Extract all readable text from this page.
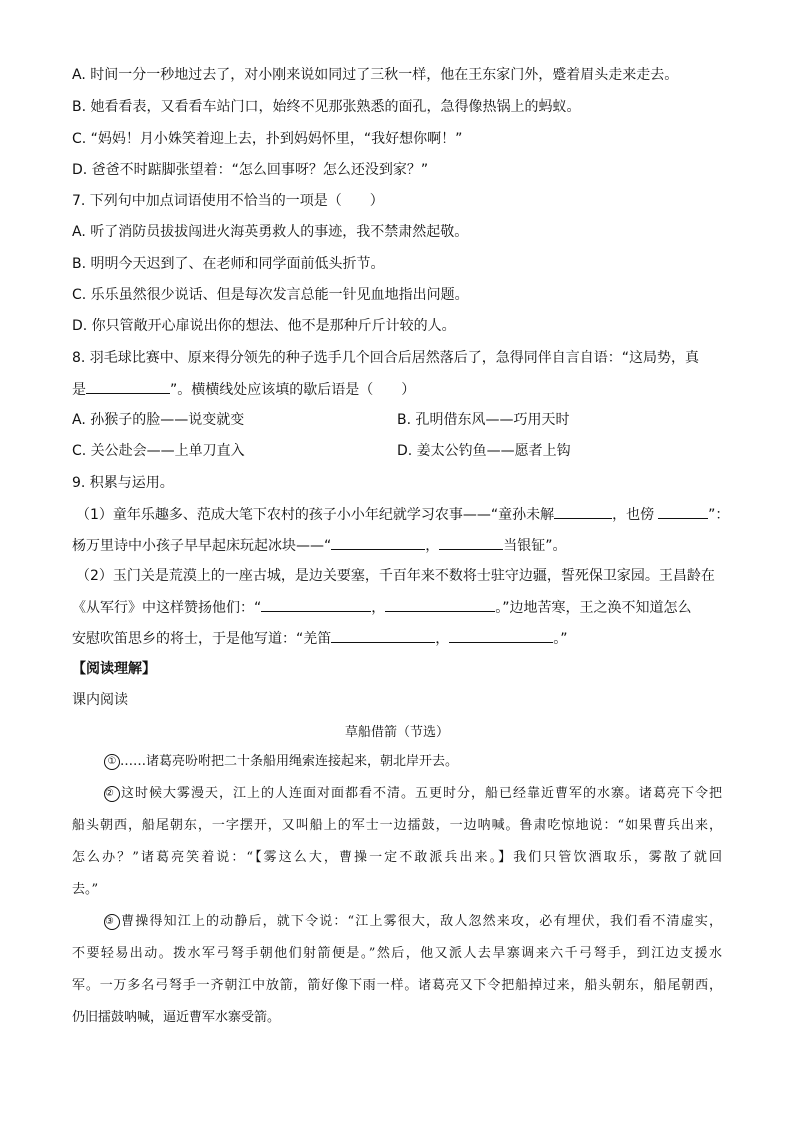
A. 时间一分一秒地过去了，对小刚来说如同过了三秋一样，他在王东家门外，蹙着眉头走来走去。
B. 她看看表，又看看车站门口，始终不见那张熟悉的面孔，急得像热锅上的蚂蚁。
C. “妈妈！月小姝笑着迎上去，扑到妈妈怀里，“我好想你啊！”
D. 爸爸不时踮脚张望着：“怎么回事呀？怎么还没到家？”
7. 下列句中加点词语使用不恰当的一项是（　　）
A. 听了消防员拔拔闯进火海英勇救人的事迹，我不禁肃然起敬。
B. 明明今天迟到了、在老师和同学面前低头折节。
C. 乐乐虽然很少说话、但是每次发言总能一针见血地指出问题。
D. 你只管敞开心扉说出你的想法、他不是那种斤斤计较的人。
8. 羽毛球比赛中、原来得分领先的种子选手几个回合后居然落后了，急得同伴自言自语：“这局势，真
是	”。横横线处应该填的歇后语是（　　）
A. 孙猴子的脸——说变就变	B. 孔明借东风——巧用天时
C. 关公赴会——上单刀直入	D. 姜太公钓鱼——愿者上钩
9. 积累与运用。
（1）童年乐趣多、范成大笔下农村的孩子小小年纪就学习农事——“童孙未解	，也傍	”：
杨万里诗中小孩子早早起床玩起冰块——“	，	当银钲”。
（2）玉门关是荒漠上的一座古城，是边关要塞，千百年来不数将士驻守边疆，誓死保卫家园。王昌龄在
《从军行》中这样赞扬他们：“	，	。”边地苦寒，王之涣不知道怎么
安慰吹笛思乡的将士，于是他写道：“羌笛	，	。”
【阅读理解】
课内阅读
草船借箭（节选）
① ……诸葛亮吩咐把二十条船用绳索连接起来，朝北岸开去。
② 这时候大雾漫天，江上的人连面对面都看不清。五更时分，船已经靠近曹军的水寨。诸葛亮下令把
船头朝西，船尾朝东，一字摆开，又叫船上的军士一边擂鼓，一边呐喊。鲁肃吃惊地说：“如果曹兵出来，
怎么办？”诸葛亮笑着说：“【雾这么大，曹操一定不敢派兵出来。】我们只管饮酒取乐，雾散了就回
去。”
③ 曹操得知江上的动静后，就下令说：“江上雾很大，敌人忽然来攻，必有埋伏，我们看不清虚实，
不要轻易出动。拨水军弓弩手朝他们射箭便是。”然后，他又派人去旱寨调来六千弓弩手，到江边支援水
军。一万多名弓弩手一齐朝江中放箭，箭好像下雨一样。诸葛亮又下令把船掉过来，船头朝东，船尾朝西，
仍旧擂鼓呐喊，逼近曹军水寨受箭。
